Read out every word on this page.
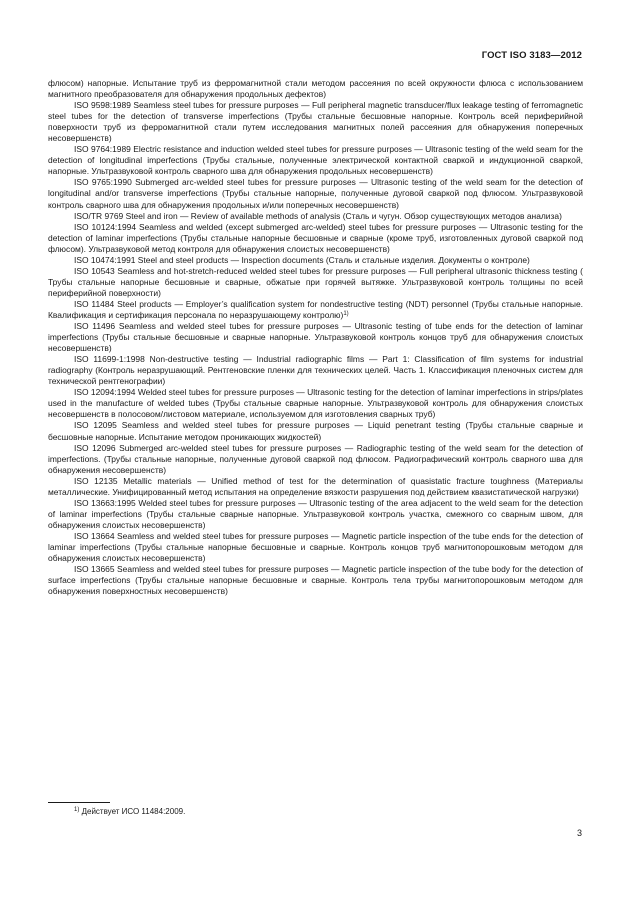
ГОСТ ISO 3183—2012

флюсом) напорные. Испытание труб из ферромагнитной стали методом рассеяния по всей окружности флюса с использованием магнитного преобразователя для обнаружения продольных дефектов)

ISO 9598:1989 Seamless steel tubes for pressure purposes — Full peripheral magnetic transducer/flux leakage testing of ferromagnetic steel tubes for the detection of transverse imperfections (Трубы стальные бесшовные напорные. Контроль всей периферийной поверхности труб из ферромагнитной стали путем исследования магнитных полей рассеяния для обнаружения поперечных несовершенств)

ISO 9764:1989 Electric resistance and induction welded steel tubes for pressure purposes — Ultrasonic testing of the weld seam for the detection of longitudinal imperfections (Трубы стальные, полученные электрической контактной сваркой и индукционной сваркой, напорные. Ультразвуковой контроль сварного шва для обнаружения продольных несовершенств)

ISO 9765:1990 Submerged arc-welded steel tubes for pressure purposes — Ultrasonic testing of the weld seam for the detection of longitudinal and/or transverse imperfections (Трубы стальные напорные, полученные дуговой сваркой под флюсом. Ультразвуковой контроль сварного шва для обнаружения продольных и/или поперечных несовершенств)

ISO/TR 9769 Steel and iron — Review of available methods of analysis (Сталь и чугун. Обзор существующих методов анализа)

ISO 10124:1994 Seamless and welded (except submerged arc-welded) steel tubes for pressure purposes — Ultrasonic testing for the detection of laminar imperfections (Трубы стальные напорные бесшовные и сварные (кроме труб, изготовленных дуговой сваркой под флюсом). Ультразвуковой метод контроля для обнаружения слоистых несовершенств)

ISO 10474:1991 Steel and steel products — Inspection documents (Сталь и стальные изделия. Документы о контроле)

ISO 10543 Seamless and hot-stretch-reduced welded steel tubes for pressure purposes — Full peripheral ultrasonic thickness testing ( Трубы стальные напорные бесшовные и сварные, обжатые при горячей вытяжке. Ультразвуковой контроль толщины по всей периферийной поверхности)

ISO 11484 Steel products — Employer’s qualification system for nondestructive testing (NDT) personnel (Трубы стальные напорные. Квалификация и сертификация персонала по неразрушающему контролю)$^{1)}$

ISO 11496 Seamless and welded steel tubes for pressure purposes — Ultrasonic testing of tube ends for the detection of laminar imperfections (Трубы стальные бесшовные и сварные напорные. Ультразвуковой контроль концов труб для обнаружения слоистых несовершенств)

ISO 11699-1:1998 Non-destructive testing — Industrial radiographic films — Part 1: Classification of film systems for industrial radiography (Контроль неразрушающий. Рентгеновские пленки для технических целей. Часть 1. Классификация пленочных систем для технической рентгенографии)

ISO 12094:1994 Welded steel tubes for pressure purposes — Ultrasonic testing for the detection of laminar imperfections in strips/plates used in the manufacture of welded tubes (Трубы стальные сварные напорные. Ультразвуковой контроль для обнаружения слоистых несовершенств в полосовом/листовом материале, используемом для изготовления сварных труб)

ISO 12095 Seamless and welded steel tubes for pressure purposes — Liquid penetrant testing (Трубы стальные сварные и бесшовные напорные. Испытание методом проникающих жидкостей)

ISO 12096 Submerged arc-welded steel tubes for pressure purposes — Radiographic testing of the weld seam for the detection of imperfections. (Трубы стальные напорные, полученные дуговой сваркой под флюсом. Радиографический контроль сварного шва для обнаружения несовершенств)

ISO 12135 Metallic materials — Unified method of test for the determination of quasistatic fracture toughness (Материалы металлические. Унифицированный метод испытания на определение вязкости разрушения под действием квазистатической нагрузки)

ISO 13663:1995 Welded steel tubes for pressure purposes — Ultrasonic testing of the area adjacent to the weld seam for the detection of laminar imperfections (Трубы стальные сварные напорные. Ультразвуковой контроль участка, смежного со сварным швом, для обнаружения слоистых несовершенств)

ISO 13664 Seamless and welded steel tubes for pressure purposes — Magnetic particle inspection of the tube ends for the detection of laminar imperfections (Трубы стальные напорные бесшовные и сварные. Контроль концов труб магнитопорошковым методом для обнаружения слоистых несовершенств)

ISO 13665 Seamless and welded steel tubes for pressure purposes — Magnetic particle inspection of the tube body for the detection of surface imperfections (Трубы стальные напорные бесшовные и сварные. Контроль тела трубы магнитопорошковым методом для обнаружения поверхностных несовершенств)

$^{1)}$ Действует ИСО 11484:2009.
3
